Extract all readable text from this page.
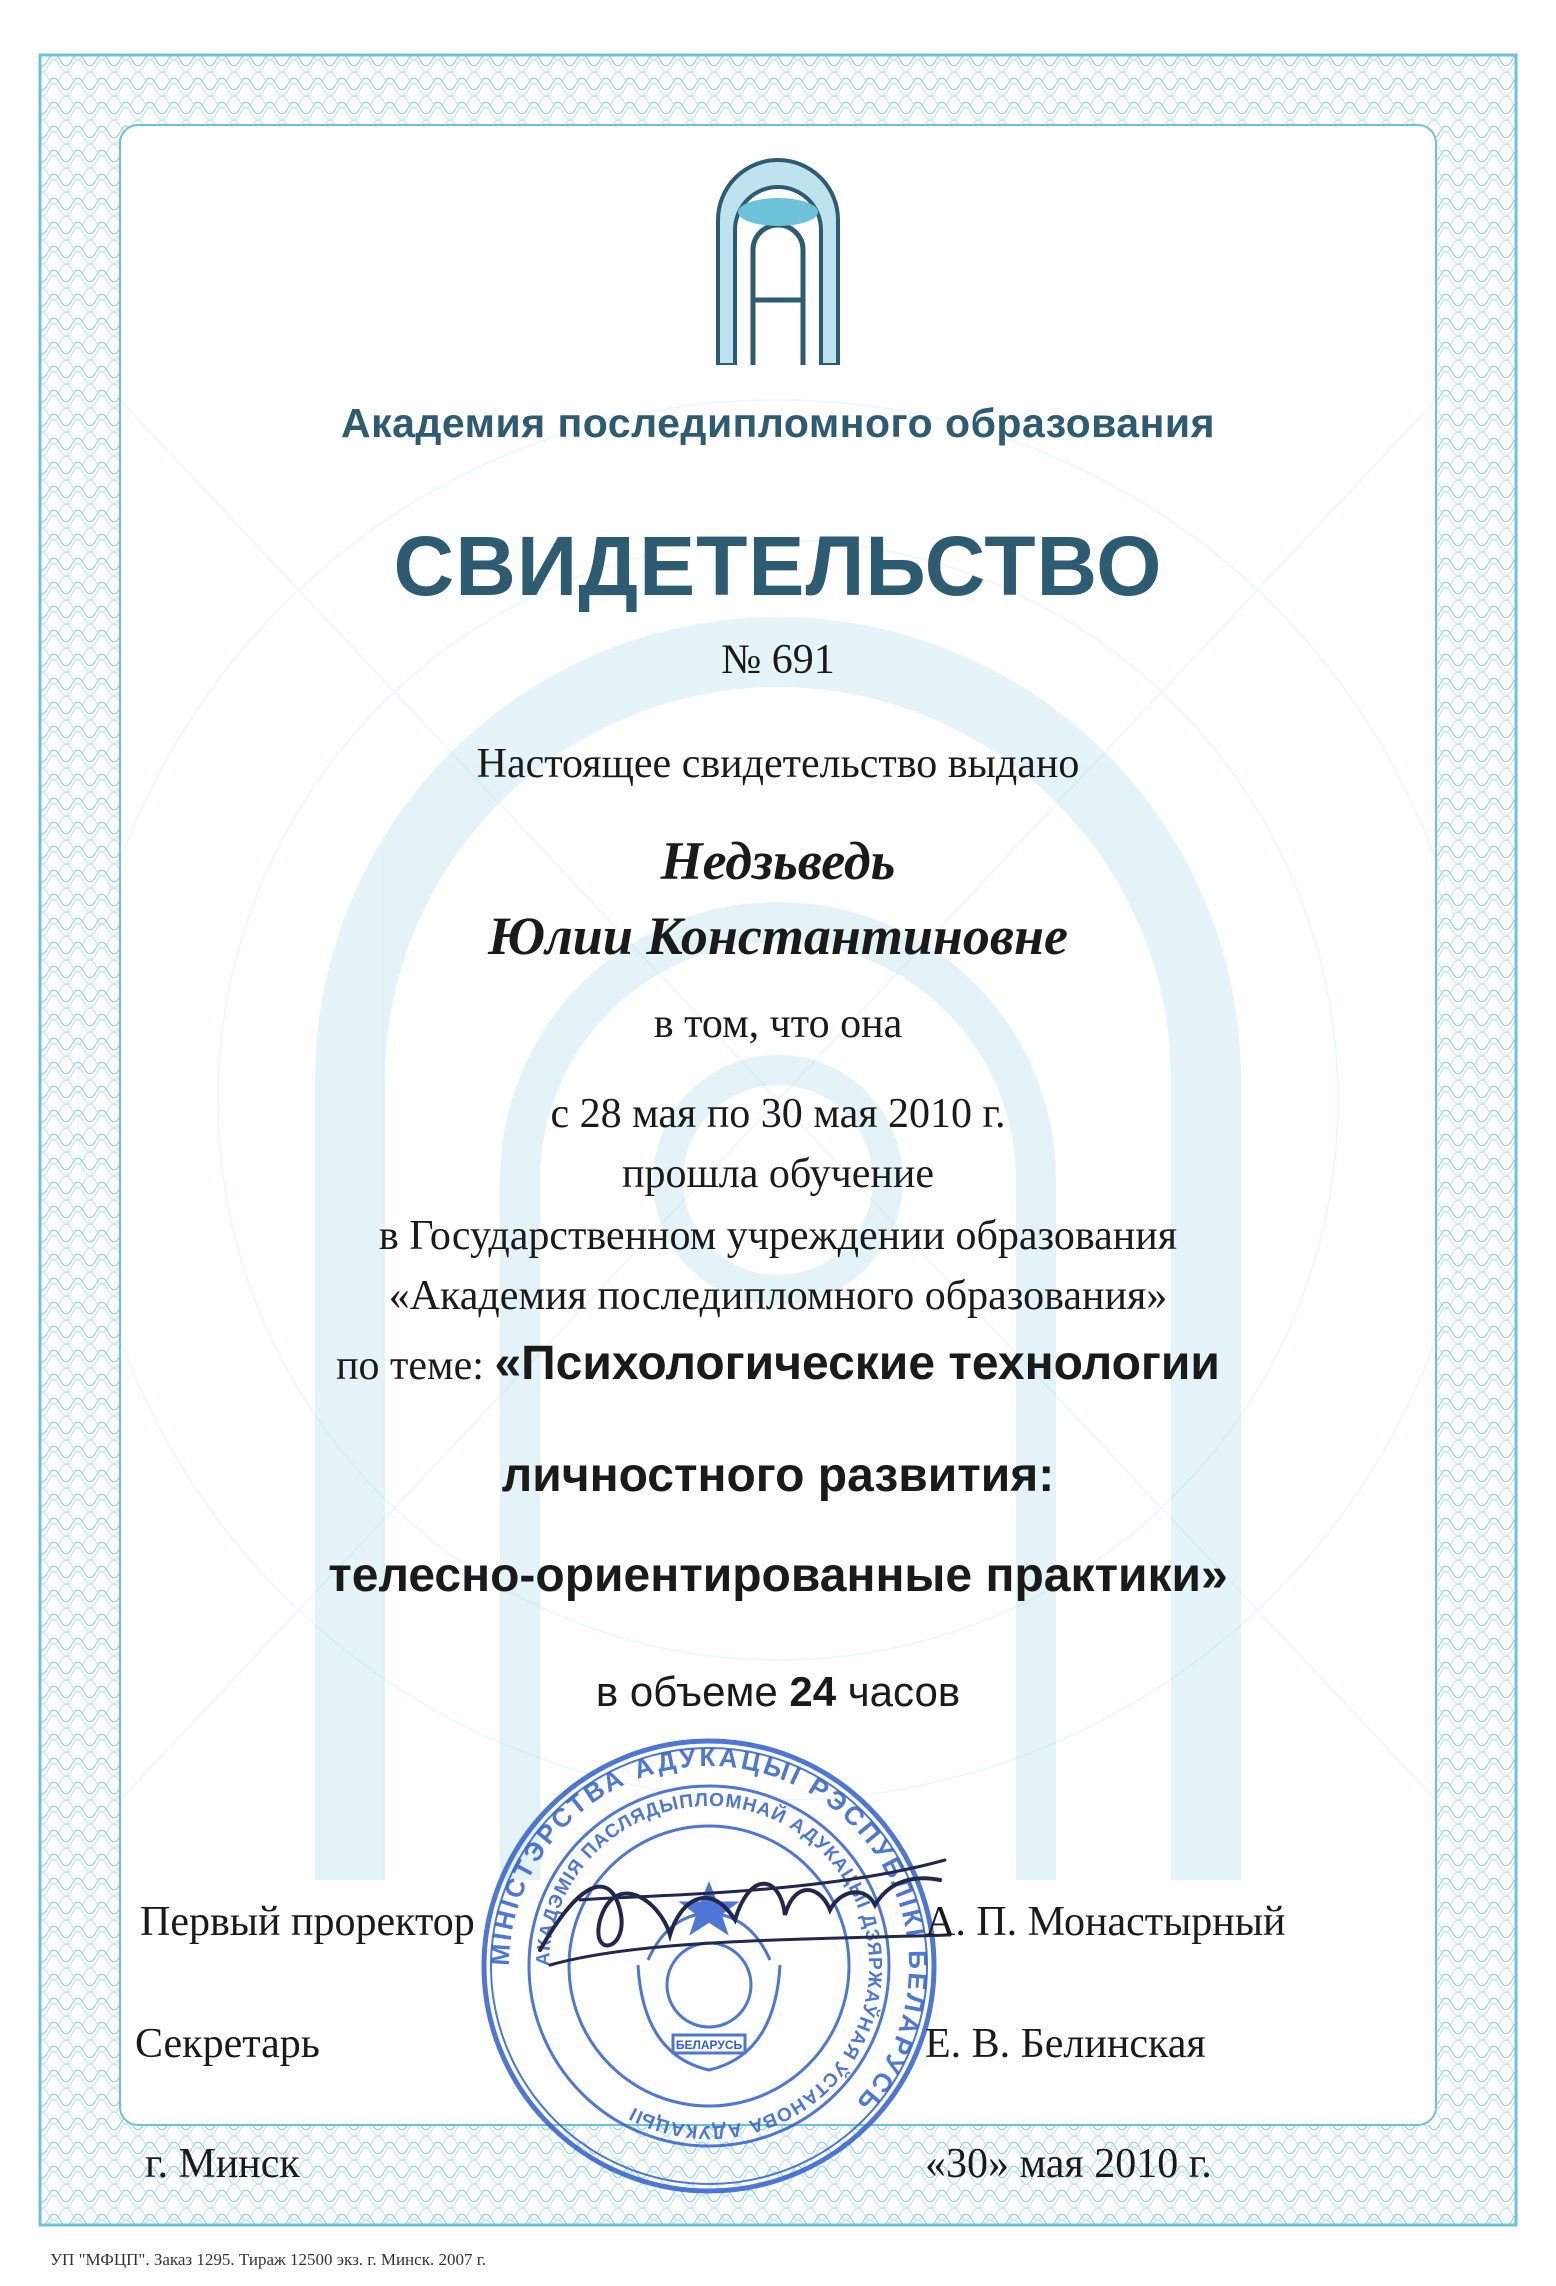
Академия последипломного образования
СВИДЕТЕЛЬСТВО
№ 691
Настоящее свидетельство выдано
Недзьведь
Юлии Константиновне
в том, что она
с 28 мая по 30 мая 2010 г.
прошла обучение
в Государственном учреждении образования
«Академия последипломного образования»
по теме: «Психологические технологии
личностного развития:
телесно-ориентированные практики»
в объеме 24 часов
МІНІСТЭРСТВА АДУКАЦЫІ РЭСПУБЛІКІ БЕЛАРУСЬ
АКАДЭМІЯ ПАСЛЯДЫПЛОМНАЙ АДУКАЦЫІ ДЗЯРЖАЎНАЯ ЎСТАНОВА АДУКАЦЫІ
БЕЛАРУСЬ
Первый проректор	А. П. Монастырный
Секретарь	Е. В. Белинская
г. Минск	«30» мая 2010 г.
УП "МФЦП". Заказ 1295. Тираж 12500 экз. г. Минск. 2007 г.
